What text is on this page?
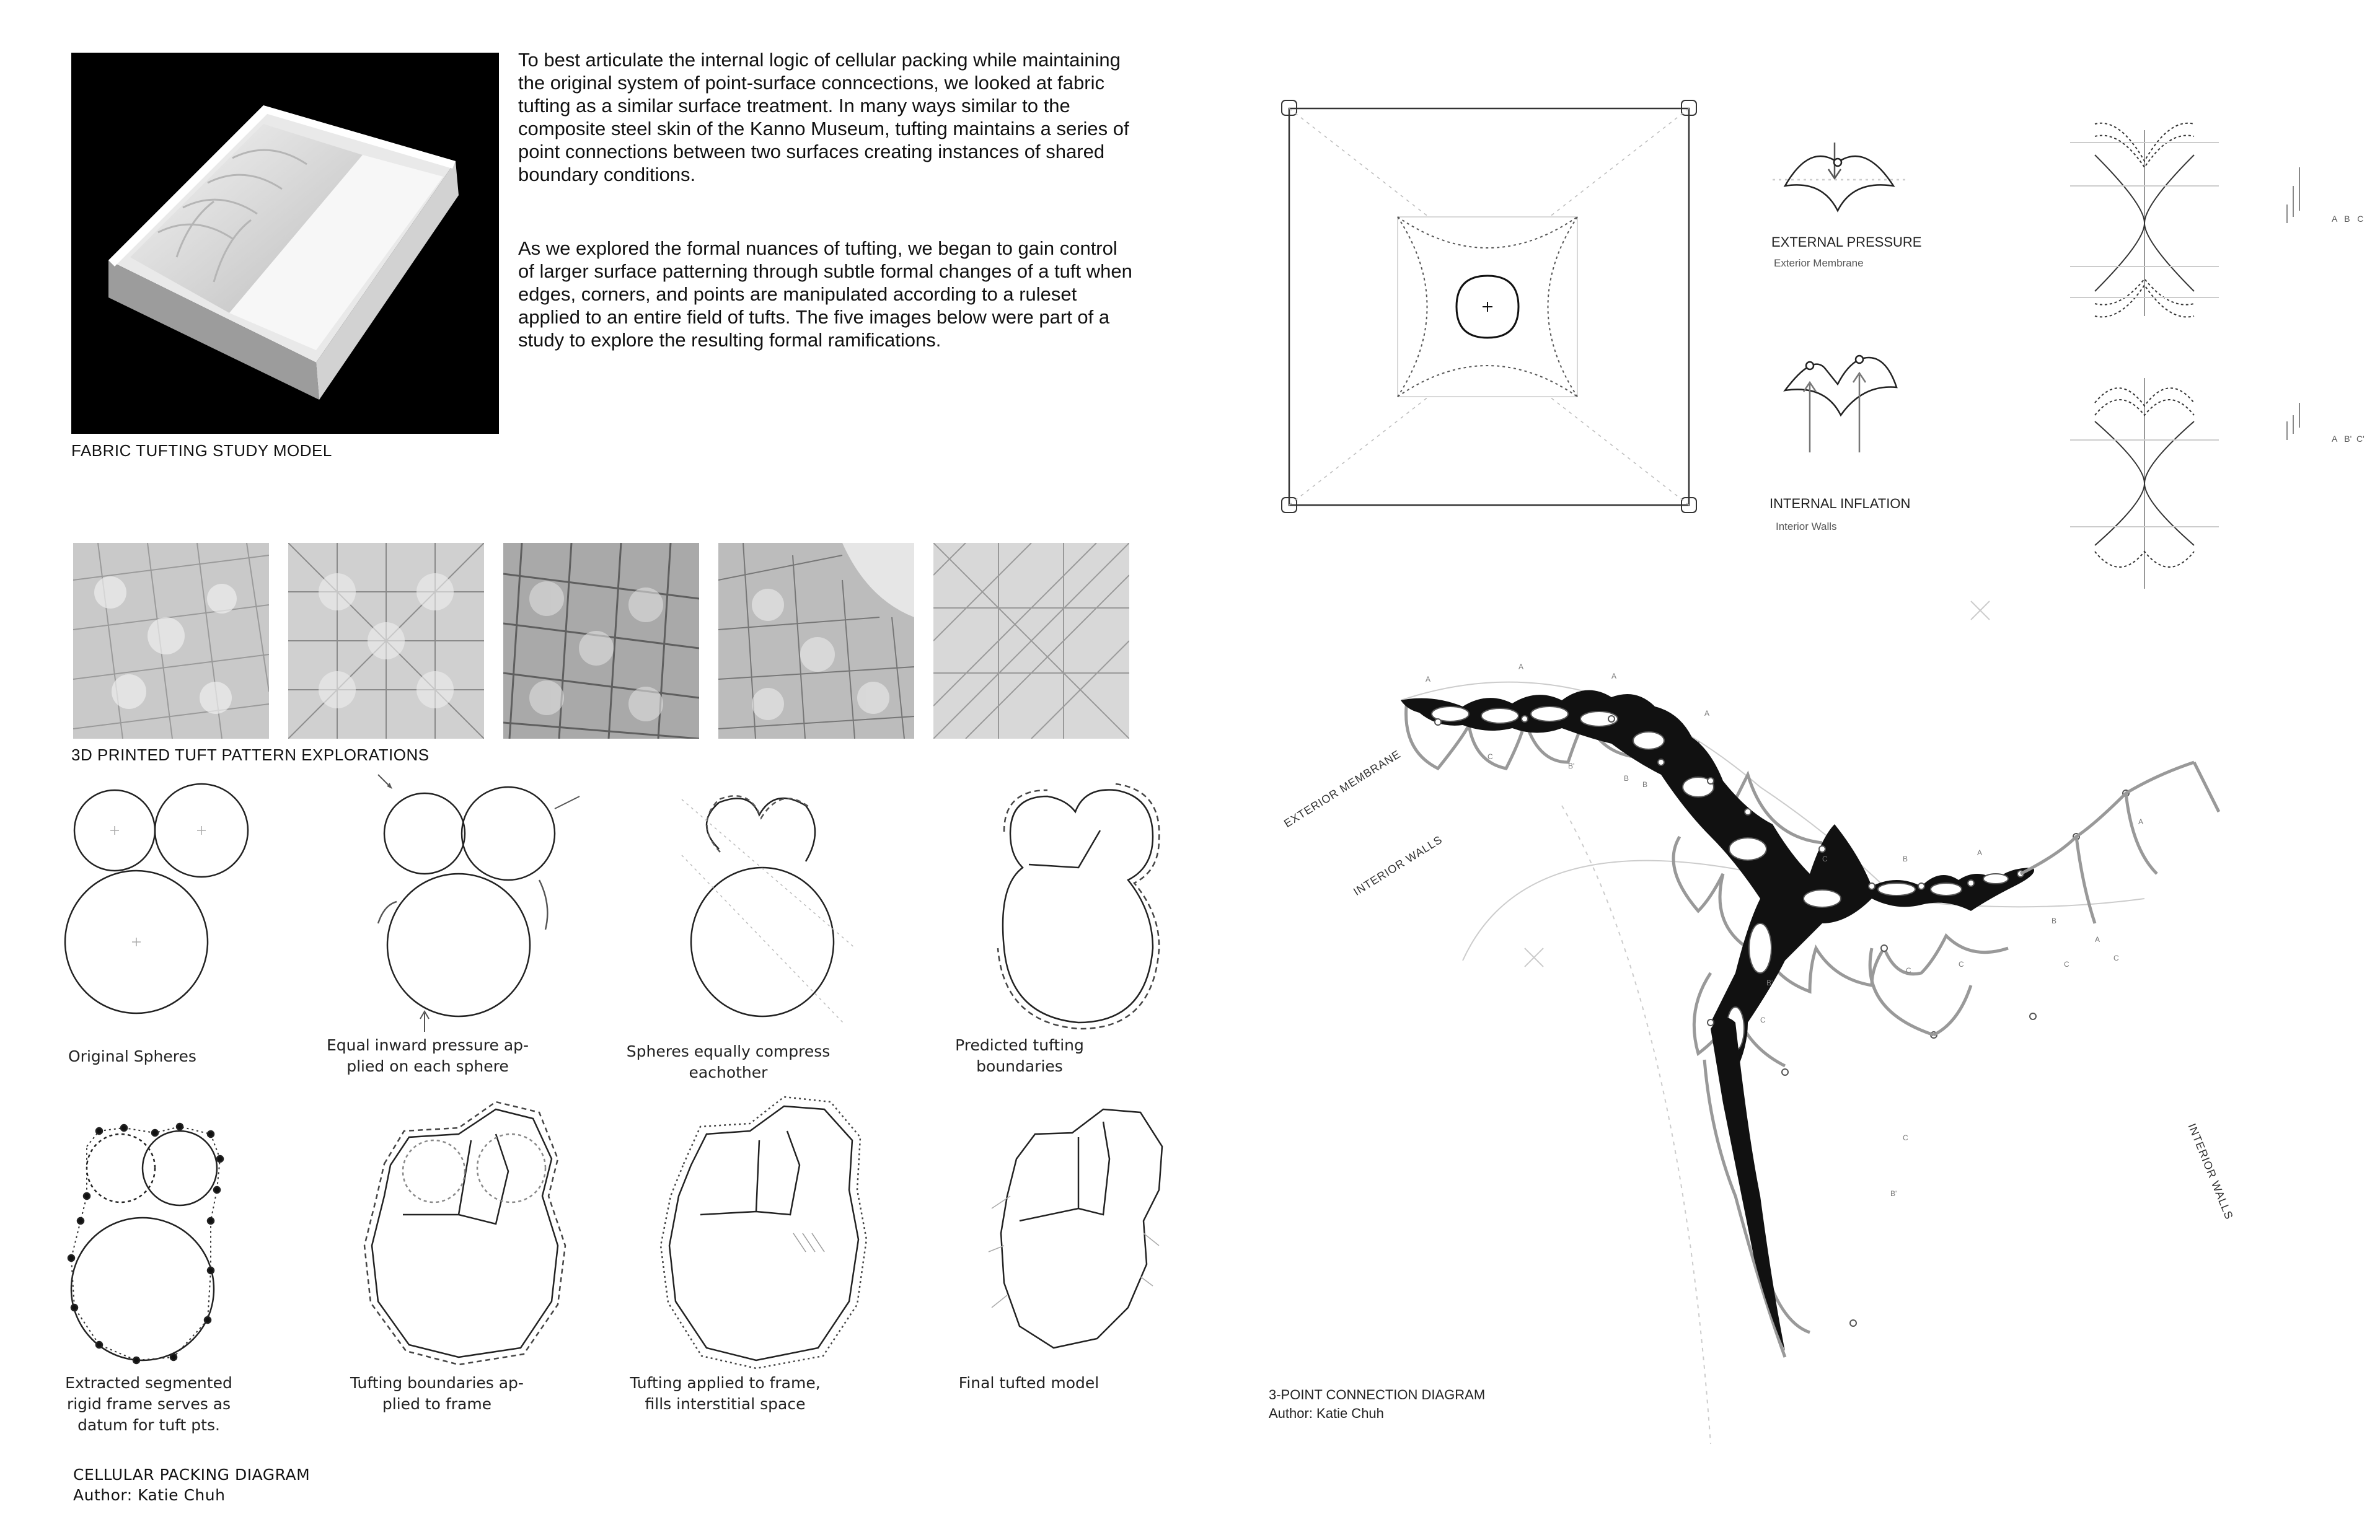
FABRIC TUFTING STUDY MODEL
To best articulate the internal logic of cellular packing while maintaining the original system of point-surface conncections, we looked at fabric tufting as a similar surface treatment. In many ways similar to the composite steel skin of the Kanno Museum, tufting maintains a series of point connections between two surfaces creating instances of shared boundary conditions.
As we explored the formal nuances of tufting, we began to gain control of larger surface patterning through subtle formal changes of a tuft when edges, corners, and points are manipulated according to a ruleset applied to an entire field of tufts. The five images below were part of a study to explore the resulting formal ramifications.
3D PRINTED TUFT PATTERN EXPLORATIONS
Original Spheres
Equal inward pressure ap-
plied on each sphere
Spheres equally compress
eachother
Predicted tufting
boundaries
Extracted segmented
rigid frame serves as
datum for tuft pts.
Tufting boundaries ap-
plied to frame
Tufting applied to frame,
fills interstitial space
Final tufted model
CELLULAR PACKING DIAGRAM
Author: Katie Chuh
EXTERNAL PRESSURE
Exterior Membrane
INTERNAL INFLATION
Interior Walls
A   B   C
A   B'  C'
A
A
A
A
C
B'
B
C	B
A
A
A
C
C	C
C
B'
C
C
B'
B
B
EXTERIOR MEMBRANE
INTERIOR WALLS
INTERIOR WALLS
3-POINT CONNECTION DIAGRAM
Author: Katie Chuh
